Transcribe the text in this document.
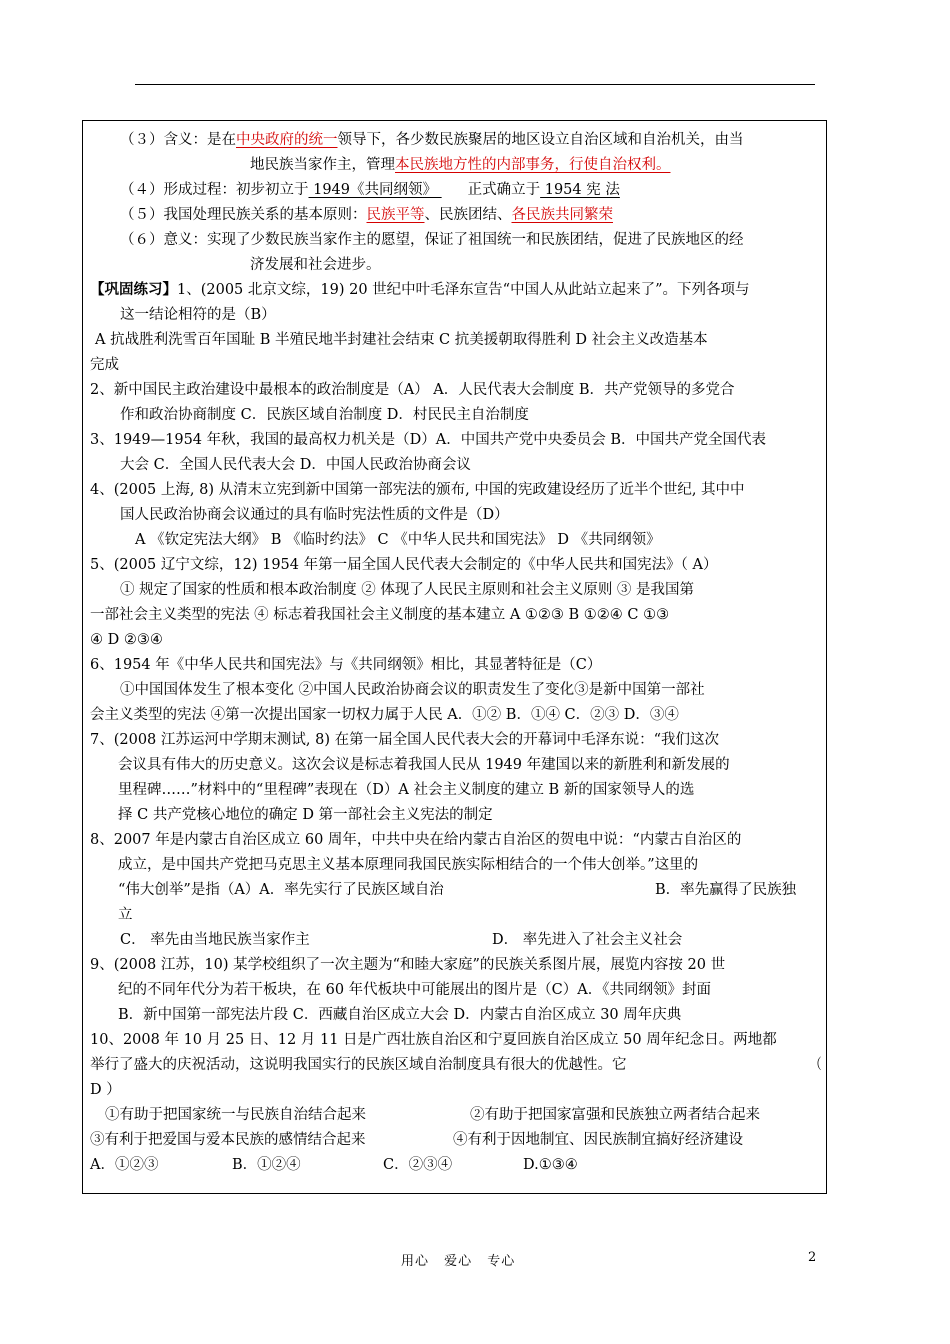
（３）含义：是在中央政府的统一领导下，各少数民族聚居的地区设立自治区域和自治机关，由当
地民族当家作主，管理本民族地方性的内部事务，行使自治权利。
（４）形成过程：初步初立于 1949《共同纲领》 正式确立于 1954 宪 法
（５）我国处理民族关系的基本原则：民族平等、民族团结、各民族共同繁荣
（６）意义：实现了少数民族当家作主的愿望，保证了祖国统一和民族团结，促进了民族地区的经
济发展和社会进步。
【巩固练习】1、(2005 北京文综，19) 20 世纪中叶毛泽东宣告“中国人从此站立起来了”。下列各项与
这一结论相符的是（B）
A 抗战胜利洗雪百年国耻 B 半殖民地半封建社会结束 C 抗美援朝取得胜利 D 社会主义改造基本
完成
2、新中国民主政治建设中最根本的政治制度是（A） A．人民代表大会制度 B．共产党领导的多党合
作和政治协商制度 C．民族区域自治制度 D．村民民主自治制度
3、1949—1954 年秋，我国的最高权力机关是（D）A．中国共产党中央委员会 B．中国共产党全国代表
大会 C．全国人民代表大会 D．中国人民政治协商会议
4、(2005 上海, 8) 从清末立宪到新中国第一部宪法的颁布, 中国的宪政建设经历了近半个世纪, 其中中
国人民政治协商会议通过的具有临时宪法性质的文件是（D）
A 《钦定宪法大纲》 B 《临时约法》 C 《中华人民共和国宪法》 D 《共同纲领》
5、(2005 辽宁文综，12) 1954 年第一届全国人民代表大会制定的《中华人民共和国宪法》（ A）
① 规定了国家的性质和根本政治制度 ② 体现了人民民主原则和社会主义原则 ③ 是我国第
一部社会主义类型的宪法 ④ 标志着我国社会主义制度的基本建立 A ①②③ B ①②④ C ①③
④ D ②③④
6、1954 年《中华人民共和国宪法》与《共同纲领》相比，其显著特征是（C）
①中国国体发生了根本变化 ②中国人民政治协商会议的职责发生了变化③是新中国第一部社
会主义类型的宪法 ④第一次提出国家一切权力属于人民 A．①② B．①④ C．②③ D．③④
7、(2008 江苏运河中学期末测试, 8) 在第一届全国人民代表大会的开幕词中毛泽东说：“我们这次
会议具有伟大的历史意义。这次会议是标志着我国人民从 1949 年建国以来的新胜利和新发展的
里程碑……”材料中的“里程碑”表现在（D）A 社会主义制度的建立 B 新的国家领导人的选
择 C 共产党核心地位的确定 D 第一部社会主义宪法的制定
8、2007 年是内蒙古自治区成立 60 周年，中共中央在给内蒙古自治区的贺电中说：“内蒙古自治区的
成立，是中国共产党把马克思主义基本原理同我国民族实际相结合的一个伟大创举。”这里的
“伟大创举”是指（A）A．率先实行了民族区域自治	B．率先赢得了民族独
立
C． 率先由当地民族当家作主	D． 率先进入了社会主义社会
9、(2008 江苏，10) 某学校组织了一次主题为“和睦大家庭”的民族关系图片展，展览内容按 20 世
纪的不同年代分为若干板块，在 60 年代板块中可能展出的图片是（C）A．《共同纲领》封面
B．新中国第一部宪法片段 C．西藏自治区成立大会 D．内蒙古自治区成立 30 周年庆典
10、2008 年 10 月 25 日、12 月 11 日是广西壮族自治区和宁夏回族自治区成立 50 周年纪念日。两地都
举行了盛大的庆祝活动，这说明我国实行的民族区域自治制度具有很大的优越性。它	（
D ）
①有助于把国家统一与民族自治结合起来	②有助于把国家富强和民族独立两者结合起来
③有利于把爱国与爱本民族的感情结合起来	④有利于因地制宜、因民族制宜搞好经济建设
A．①②③	B．①②④	C．②③④	D.①③④
用心 爱心 专心	2
